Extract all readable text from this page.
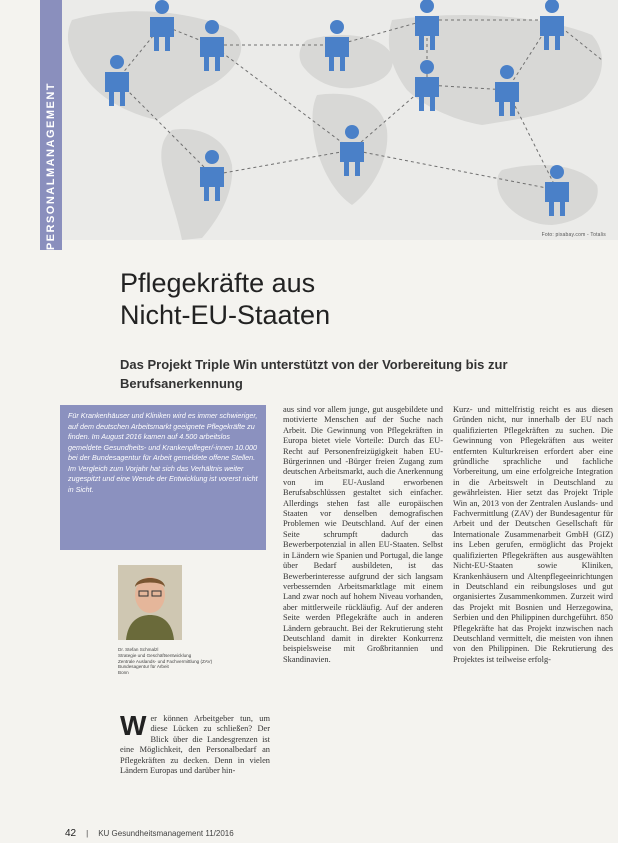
Foto: pixabay.com - Totalis
PERSONALMANAGEMENT
Pflegekräfte aus
Nicht-EU-Staaten
Das Projekt Triple Win unterstützt von der Vorbereitung bis zur Berufsanerkennung

Für Krankenhäuser und Kliniken wird es immer schwieriger, auf dem deutschen Arbeitsmarkt geeignete Pflegekräfte zu finden. Im August 2016 kamen auf 4.500 arbeitslos gemeldete Gesundheits- und Krankenpfleger/-innen 10.000 bei der Bundesagentur für Arbeit gemeldete offene Stellen. Im Vergleich zum Vorjahr hat sich das Verhältnis weiter zugespitzt und eine Wende der Entwicklung ist vorerst nicht in Sicht.

Dr. Stefan Schmalzl
Strategie und Geschäftsentwicklung
Zentrale Auslands- und Fachvermittlung (ZAV)
Bundesagentur für Arbeit
Bonn

Wer können Arbeitgeber tun, um diese Lücken zu schließen? Der Blick über die Landesgrenzen ist eine Möglichkeit, den Personalbedarf an Pflegekräften zu decken. Denn in vielen Ländern Europas und darüber hin-

aus sind vor allem junge, gut ausgebildete und motivierte Menschen auf der Suche nach Arbeit. Die Gewinnung von Pflegekräften in Europa bietet viele Vorteile: Durch das EU-Recht auf Personenfreizügigkeit haben EU-Bürgerinnen und -Bürger freien Zugang zum deutschen Arbeitsmarkt, auch die Anerkennung von im EU-Ausland erworbenen Berufsabschlüssen gestaltet sich einfacher. Allerdings stehen fast alle europäischen Staaten vor denselben demografischen Problemen wie Deutschland. Auf der einen Seite schrumpft dadurch das Bewerberpotenzial in allen EU-Staaten. Selbst in Ländern wie Spanien und Portugal, die lange über Bedarf ausbildeten, ist das Bewerberinteresse aufgrund der sich langsam verbessernden Arbeitsmarktlage mit einem Land zwar noch auf hohem Niveau vorhanden, aber mittlerweile rückläufig. Auf der anderen Seite werden Pflegekräfte auch in anderen Ländern gebraucht. Bei der Rekrutierung steht Deutschland damit in direkter Konkurrenz beispielsweise mit Großbritannien und Skandinavien.

Kurz- und mittelfristig reicht es aus diesen Gründen nicht, nur innerhalb der EU nach qualifizierten Pflegekräften zu suchen. Die Gewinnung von Pflegekräften aus weiter entfernten Kulturkreisen erfordert aber eine gründliche sprachliche und fachliche Vorbereitung, um eine erfolgreiche Integration in die Arbeitswelt in Deutschland zu gewährleisten. Hier setzt das Projekt Triple Win an, 2013 von der Zentralen Auslands- und Fachvermittlung (ZAV) der Bundesagentur für Arbeit und der Deutschen Gesellschaft für Internationale Zusammenarbeit GmbH (GIZ) ins Leben gerufen, ermöglicht das Projekt qualifizierten Pflegekräften aus ausgewählten Nicht-EU-Staaten sowie Kliniken, Krankenhäusern und Altenpflegeeinrichtungen in Deutschland ein reibungsloses und gut organisiertes Zusammenkommen. Zurzeit wird das Projekt mit Bosnien und Herzegowina, Serbien und den Philippinen durchgeführt. 850 Pflegekräfte hat das Projekt inzwischen nach Deutschland vermittelt, die meisten von ihnen von den Philippinen. Die Rekrutierung des Projektes ist teilweise erfolg-

42 | KU Gesundheitsmanagement 11/2016
